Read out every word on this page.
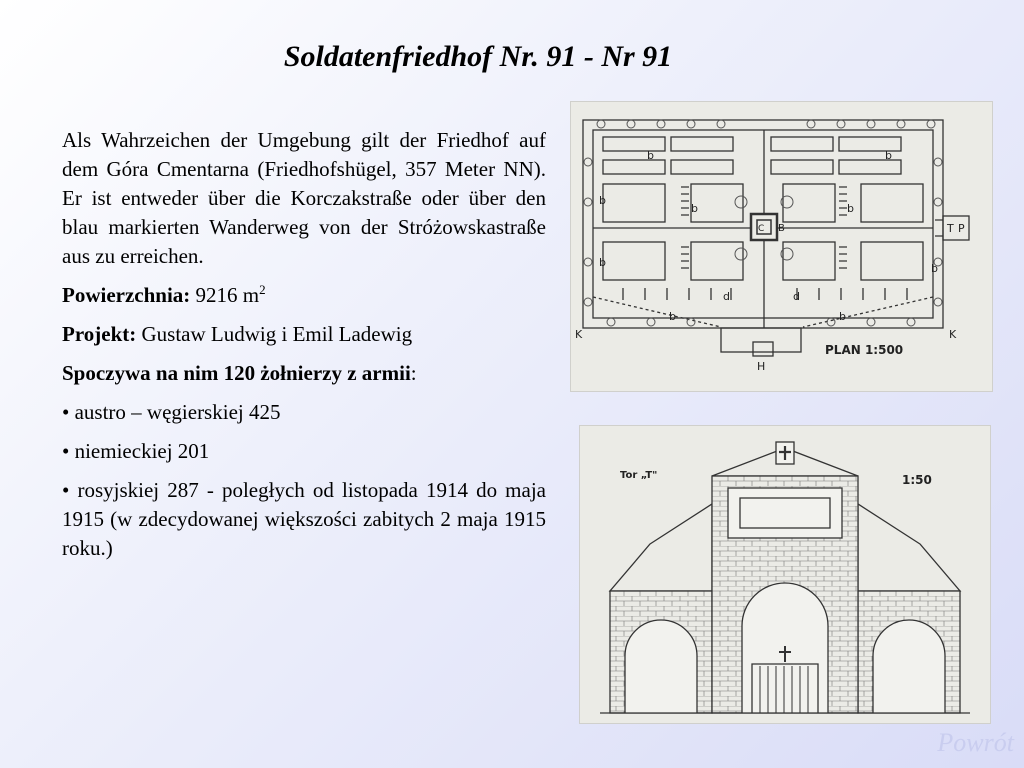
Soldatenfriedhof Nr. 91 - Nr 91

Als Wahrzeichen der Umgebung gilt der Friedhof auf dem Góra Cmentarna (Friedhofshügel, 357 Meter NN). Er ist entweder über die Korczakstraße oder über den blau markierten Wanderweg von der Stróżowskastraße aus zu erreichen.

Powierzchnia: 9216 $m^2$

Projekt: Gustaw Ludwig i Emil Ladewig

Spoczywa na nim 120 żołnierzy z armii:

• austro – węgierskiej 425

• niemieckiej 201

• rosyjskiej 287 - poległych od listopada 1914 do maja 1915 (w zdecydowanej większości zabitych 2 maja 1915 roku.)

b	b
b
b	b
b	b
b	b
d	d
K	K
H
T P
C B
PLAN 1:500
Tor „T"	1:50
Powrót
